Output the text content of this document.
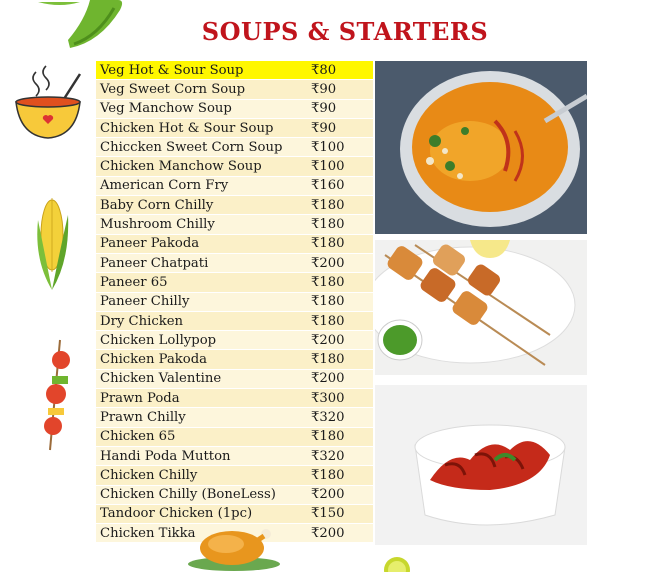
SOUPS & STARTERS
Veg Hot & Sour Soup	₹80
Veg Sweet Corn Soup	₹90
Veg Manchow Soup	₹90
Chicken Hot & Sour Soup	₹90
Chiccken Sweet Corn Soup	₹100
Chicken Manchow Soup	₹100
American Corn Fry	₹160
Baby Corn Chilly	₹180
Mushroom Chilly	₹180
Paneer Pakoda	₹180
Paneer Chatpati	₹200
Paneer 65	₹180
Paneer Chilly	₹180
Dry Chicken	₹180
Chicken Lollypop	₹200
Chicken Pakoda	₹180
Chicken Valentine	₹200
Prawn Poda	₹300
Prawn Chilly	₹320
Chicken 65	₹180
Handi Poda Mutton	₹320
Chicken Chilly	₹180
Chicken Chilly (BoneLess)	₹200
Tandoor Chicken (1pc)	₹150
Chicken Tikka	₹200
